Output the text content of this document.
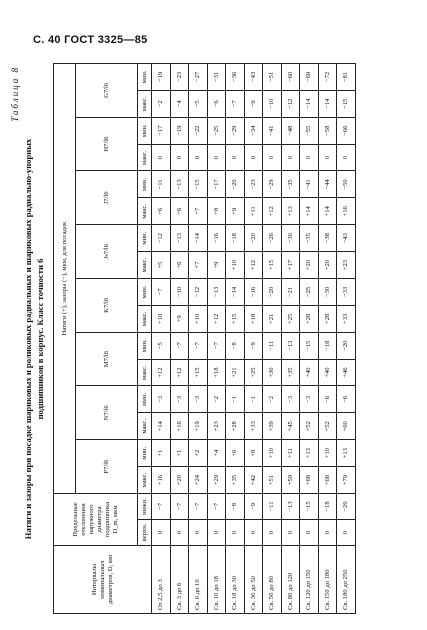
С. 40 ГОСТ 3325—85
Таблица 8
Натяги и зазоры при посадке шариковых и роликовых радиальных и шариковых радиально-упорных подшипников в корпус. Класс точности 6
Интервалы номинальных диаметров, D, мм	Предельные отклонения наружного диаметра подшипника D_m, мкм		Натяги (+), зазоры (−), мкм, для посадок															
			P7/l6		N7/l6		M7/l6		K7/l6		Js7/l6		J7/l6		H7/l6		G7/l6	
	верхн.	нижн.	макс.	мин.	макс.	мин.	макс.	мин.	макс.	мин.	макс.	мин.	макс.	мин.	макс.	мин.	макс.	мин.
От 2,5 до 3	0	−7	+16	+1	+14	−3	+12	−5	+10	−7	+5	−12	+6	−11	0	−17	−2	−19
Св. 3 до 6	0	−7	+20	+1	+16	−3	+12	−7	+9	−10	+6	−13	+6	−13	0	−19	−4	−23
Св. 6 до 10	0	−7	+24	+2	+19	−3	+15	−7	+10	−12	+7	−14	+7	−15	0	−22	−5	−27
Св. 10 до 18	0	−7	+29	+4	+23	−2	+18	−7	+12	−13	+9	−16	+8	−17	0	−25	−6	−31
Св. 18 до 30	0	−8	+35	+6	+28	−1	+21	−8	+15	−14	+10	−18	+9	−20	0	−29	−7	−36
Св. 30 до 50	0	−9	+42	+8	+33	−1	+25	−9	+18	−16	+12	−20	+11	−23	0	−34	−9	−43
Св. 50 до 80	0	−11	+51	+10	+39	−2	+30	−11	+21	−20	+15	−26	+12	−29	0	−41	−10	−51
Св. 80 до 120	0	−13	+59	+11	+45	−3	+35	−13	+25	−21	+17	−30	+13	−35	0	−48	−12	−60
Св. 120 до 150	0	−15	+68	+13	+52	−3	+40	−15	+28	−25	+20	−35	+14	−41	0	−55	−14	−69
Св. 150 до 180	0	−18	+68	+10	+52	−6	+40	−18	+28	−30	+20	−38	+14	−44	0	−58	−14	−72
Св. 180 до 250	0	−20	+79	+13	+60	−6	+46	−20	+33	−33	+23	−43	+16	−50	0	−66	−15	−81
